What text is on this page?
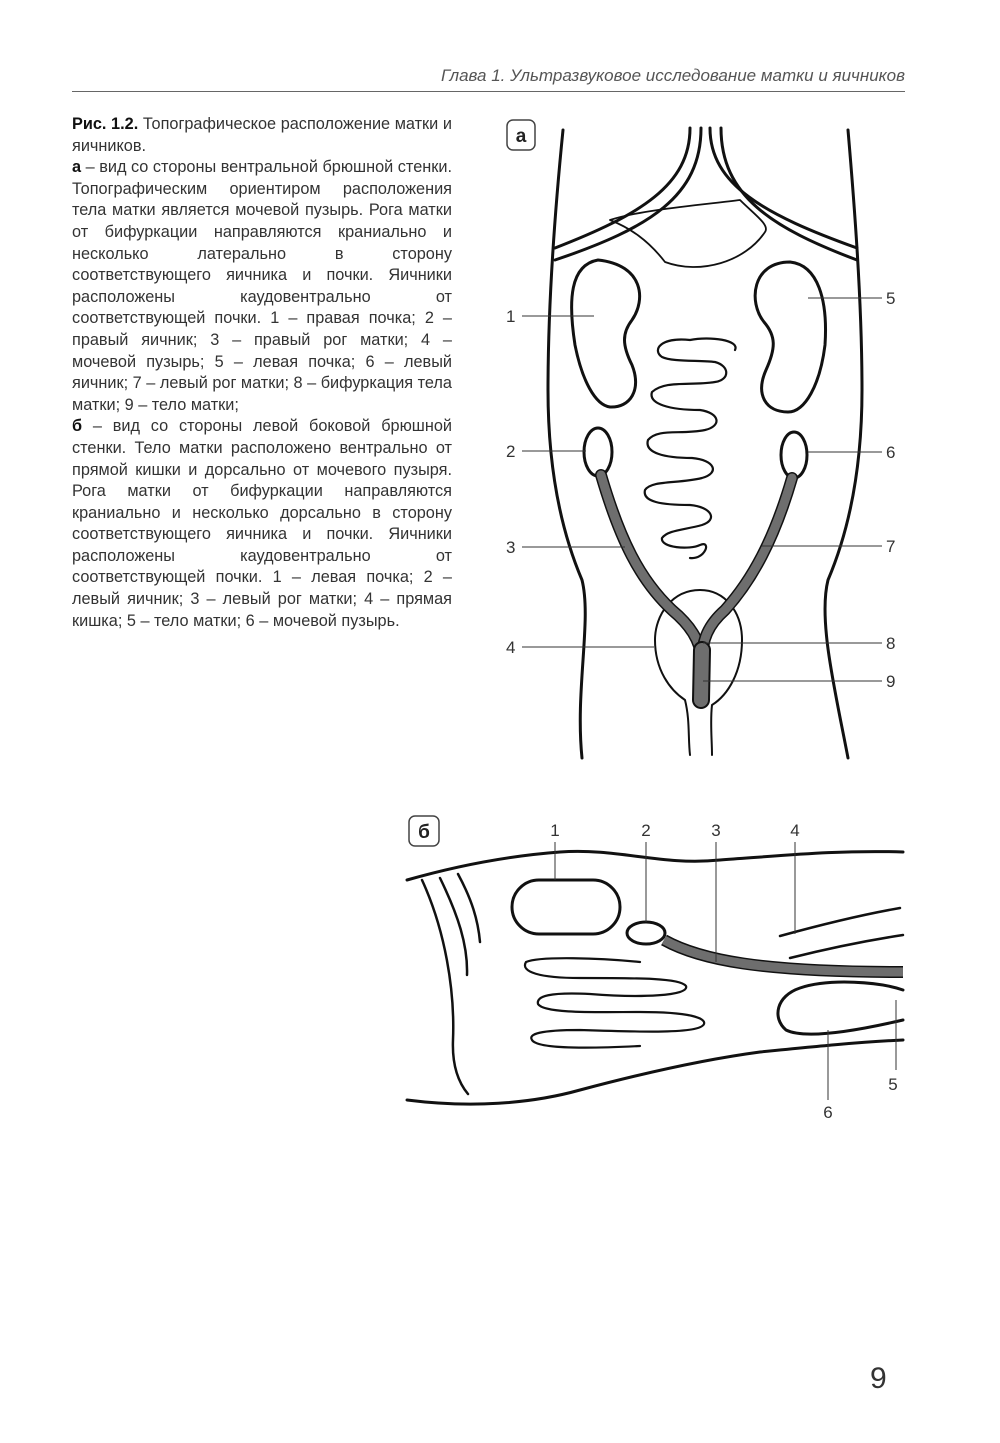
Глава 1. Ультразвуковое исследование матки и яичников

Рис. 1.2. Топографическое расположение матки и яичников.

а – вид со стороны вентральной брюшной стенки. Топографическим ориентиром расположения тела матки является мочевой пузырь. Рога матки от бифуркации направляются краниально и несколько латерально в сторону соответствующего яичника и почки. Яичники расположены каудовентрально от соответствующей почки. 1 – правая почка; 2 – правый яичник; 3 – правый рог матки; 4 – мочевой пузырь; 5 – левая почка; 6 – левый яичник; 7 – левый рог матки; 8 – бифуркация тела матки; 9 – тело матки;

б – вид со стороны левой боковой брюшной стенки. Тело матки расположено вентрально от прямой кишки и дорсально от мочевого пузыря. Рога матки от бифуркации направляются краниально и несколько дорсально в сторону соответствующего яичника и почки. Яичники расположены каудовентрально от соответствующей почки. 1 – левая почка; 2 – левый яичник; 3 – левый рог матки; 4 – прямая кишка; 5 – тело матки; 6 – мочевой пузырь.

а
1
2
3
4
5
6
7
8
9
б	1	2	3	4
5
6
9
